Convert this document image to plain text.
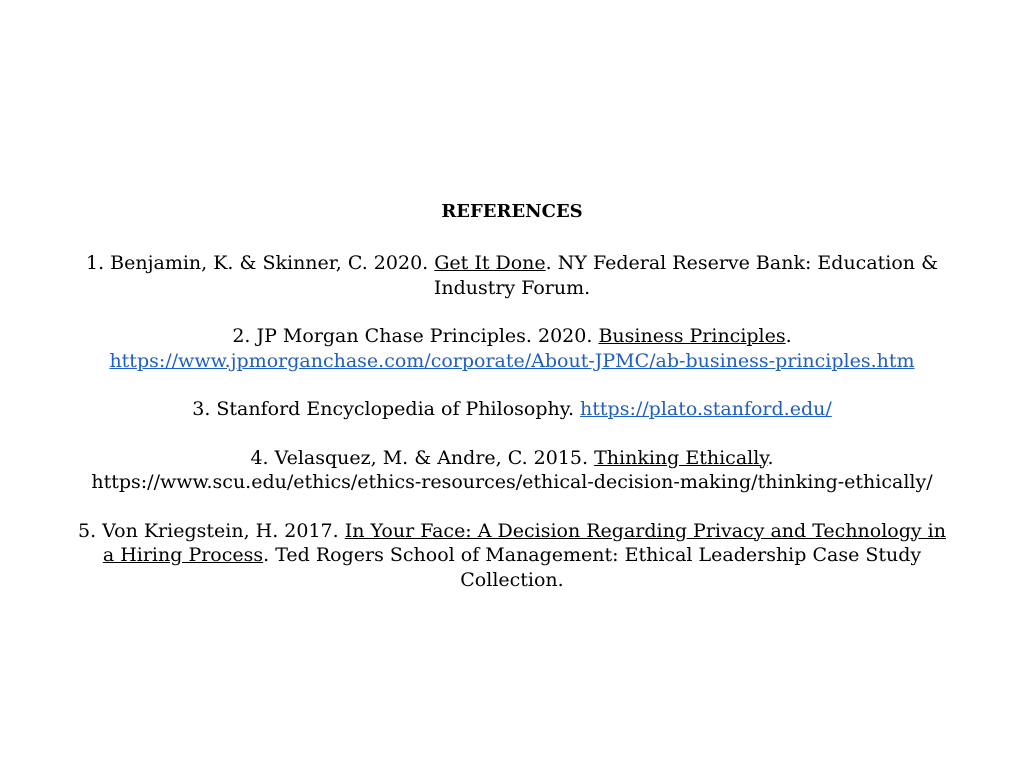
REFERENCES

1. Benjamin, K. & Skinner, C. 2020. Get It Done. NY Federal Reserve Bank: Education & Industry Forum.

2. JP Morgan Chase Principles. 2020. Business Principles.
https://www.jpmorganchase.com/corporate/About-JPMC/ab-business-principles.htm

3. Stanford Encyclopedia of Philosophy. https://plato.stanford.edu/

4. Velasquez, M. & Andre, C. 2015. Thinking Ethically.
https://www.scu.edu/ethics/ethics-resources/ethical-decision-making/thinking-ethically/

5. Von Kriegstein, H. 2017. In Your Face: A Decision Regarding Privacy and Technology in a Hiring Process. Ted Rogers School of Management: Ethical Leadership Case Study Collection.
